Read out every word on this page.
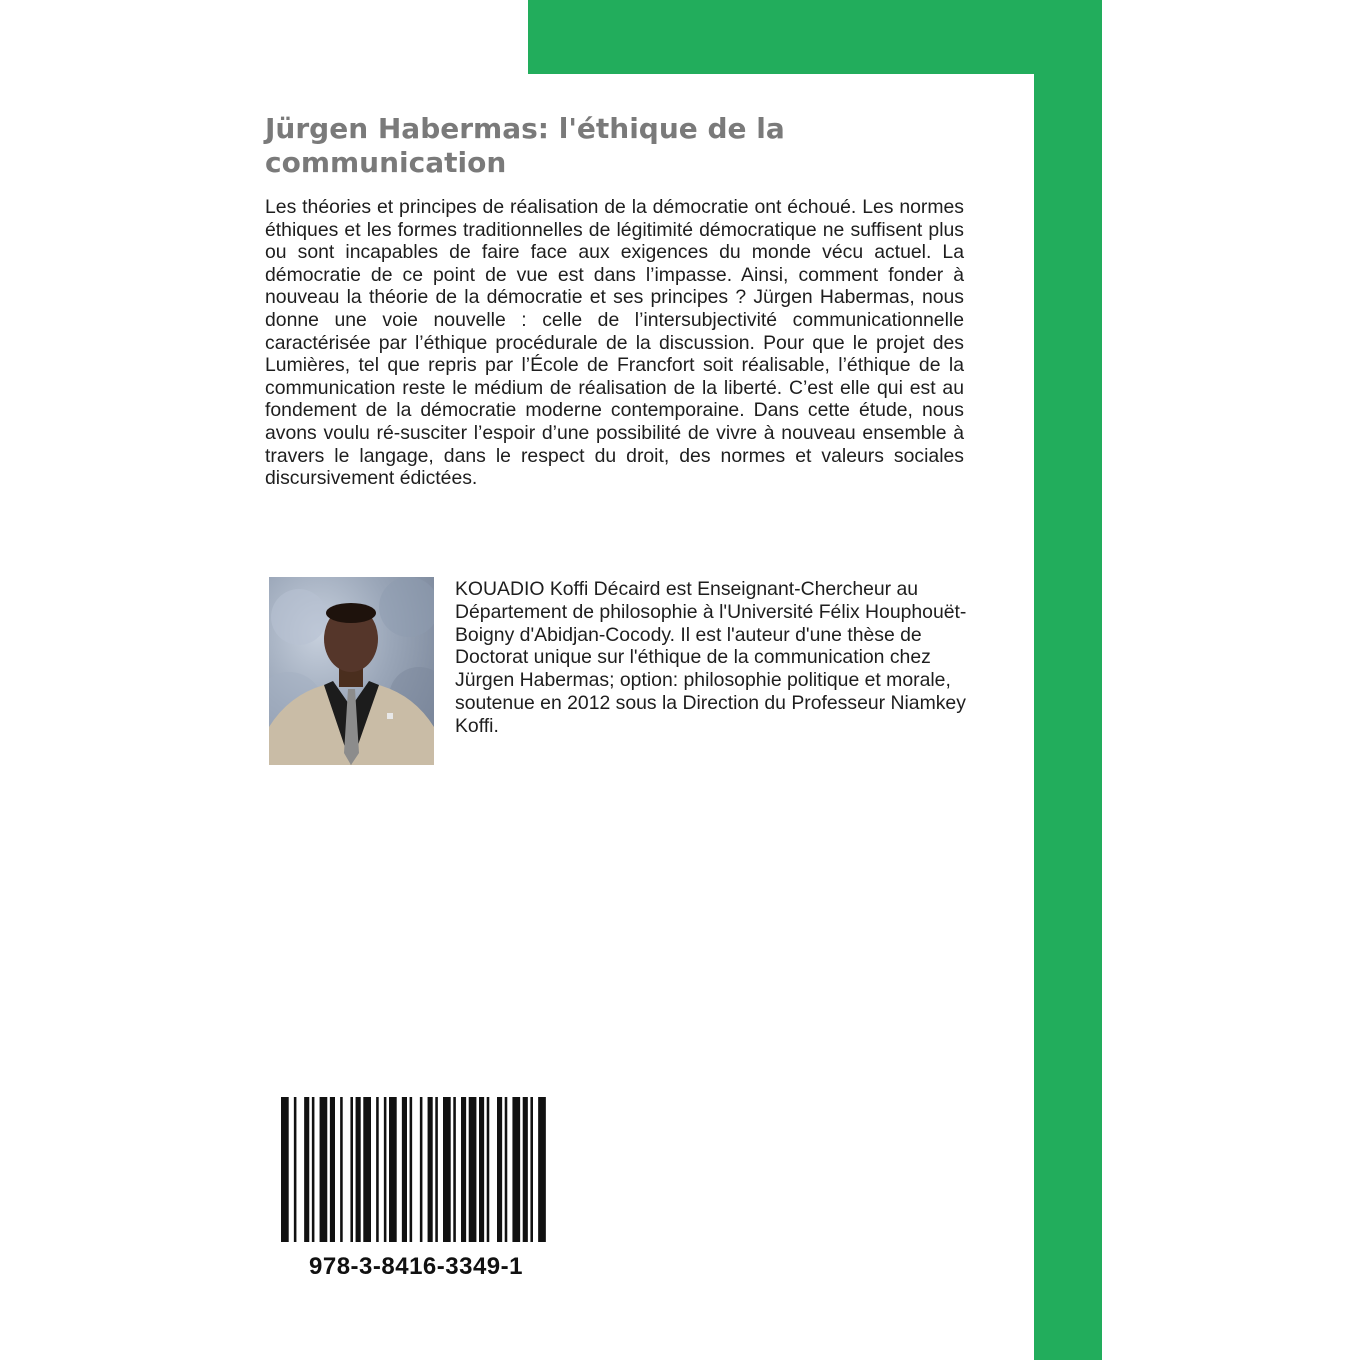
Jürgen Habermas: l'éthique de la communication

Les théories et principes de réalisation de la démocratie ont échoué. Les normes éthiques et les formes traditionnelles de légitimité démocratique ne suffisent plus ou sont incapables de faire face aux exigences du monde vécu actuel. La démocratie de ce point de vue est dans l’impasse. Ainsi, comment fonder à nouveau la théorie de la démocratie et ses principes ? Jürgen Habermas, nous donne une voie nouvelle : celle de l’intersubjectivité communicationnelle caractérisée par l’éthique procédurale de la discussion. Pour que le projet des Lumières, tel que repris par l’École de Francfort soit réalisable, l’éthique de la communication reste le médium de réalisation de la liberté. C’est elle qui est au fondement de la démocratie moderne contemporaine. Dans cette étude, nous avons voulu ré-susciter l’espoir d’une possibilité de vivre à nouveau ensemble à travers le langage, dans le respect du droit, des normes et valeurs sociales discursivement édictées.

KOUADIO Koffi Décaird est Enseignant-Chercheur au Département de philosophie à l'Université Félix Houphouët-Boigny d'Abidjan-Cocody. Il est l'auteur d'une thèse de Doctorat unique sur l'éthique de la communication chez Jürgen Habermas; option: philosophie politique et morale, soutenue en 2012 sous la Direction du Professeur Niamkey Koffi.

978-3-8416-3349-1
